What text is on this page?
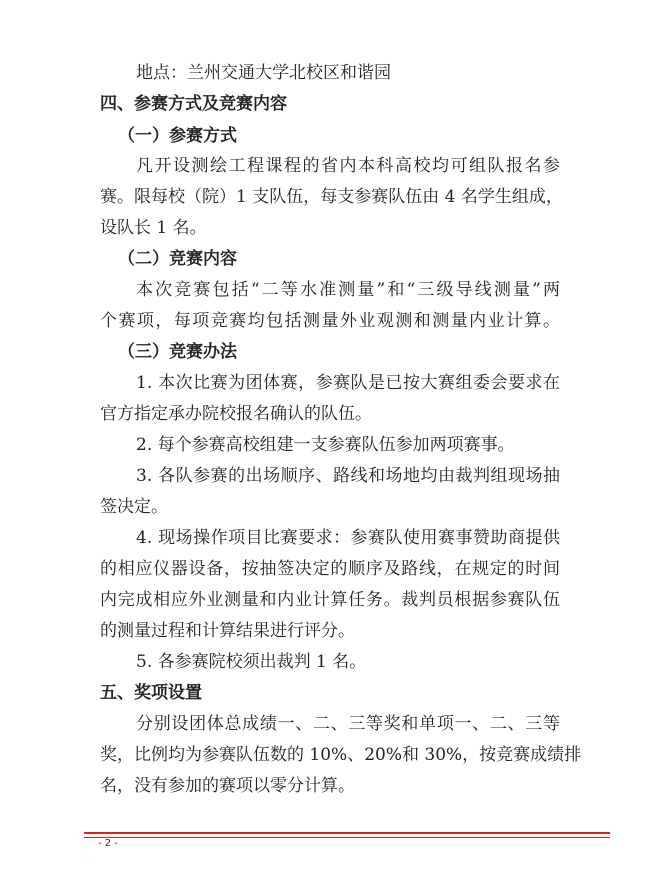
地点：兰州交通大学北校区和谐园
四、参赛方式及竞赛内容
（一）参赛方式
凡开设测绘工程课程的省内本科高校均可组队报名参
赛。限每校（院）1 支队伍，每支参赛队伍由 4 名学生组成，
设队长 1 名。
（二）竞赛内容
本次竞赛包括“二等水准测量”和“三级导线测量”两
个赛项，每项竞赛均包括测量外业观测和测量内业计算。
（三）竞赛办法
1. 本次比赛为团体赛，参赛队是已按大赛组委会要求在
官方指定承办院校报名确认的队伍。
2. 每个参赛高校组建一支参赛队伍参加两项赛事。
3. 各队参赛的出场顺序、路线和场地均由裁判组现场抽
签决定。
4. 现场操作项目比赛要求：参赛队使用赛事赞助商提供
的相应仪器设备，按抽签决定的顺序及路线，在规定的时间
内完成相应外业测量和内业计算任务。裁判员根据参赛队伍
的测量过程和计算结果进行评分。
5. 各参赛院校须出裁判 1 名。
五、奖项设置
分别设团体总成绩一、二、三等奖和单项一、二、三等
奖，比例均为参赛队伍数的 10%、20%和 30%，按竞赛成绩排
名，没有参加的赛项以零分计算。
- 2 -
